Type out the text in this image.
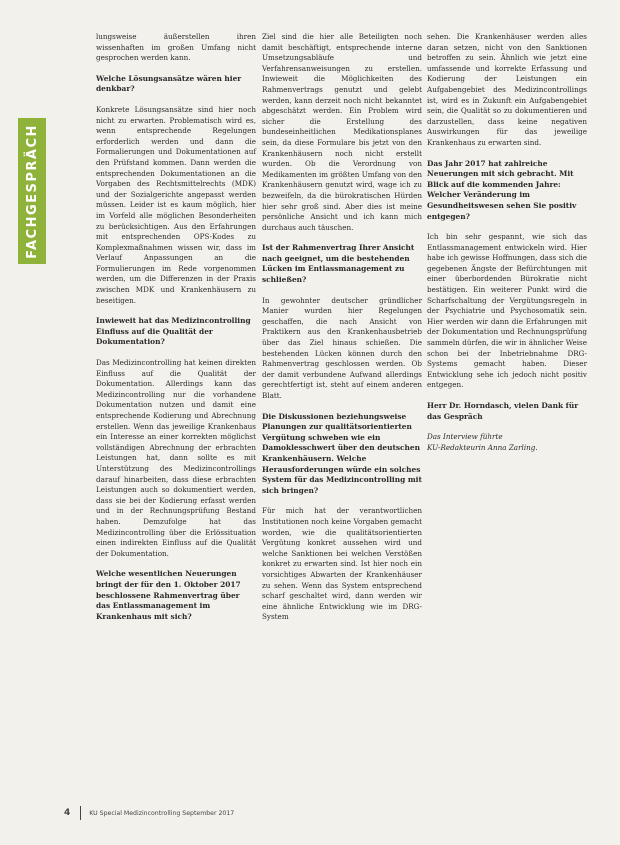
FACHGESPRÄCH

lungsweise äußerstellen ihren wissenhaften im großen Umfang nicht gesprochen werden kann.

Welche Lösungsansätze wären hier denkbar?

Konkrete Lösungsansätze sind hier noch nicht zu erwarten. Problematisch wird es, wenn entsprechende Regelungen erforderlich werden und dann die Formalierungen und Dokumentationen auf den Prüfstand kommen. Dann werden die entsprechenden Dokumentationen an die Vorgaben des Rechtsmittelrechts (MDK) und der Sozialgerichte angepasst werden müssen. Leider ist es kaum möglich, hier im Vorfeld alle möglichen Besonderheiten zu berücksichtigen. Aus den Erfahrungen mit entsprechenden OPS-Kodes zu Komplexmaßnahmen wissen wir, dass im Verlauf Anpassungen an die Formulierungen im Rede vorgenommen werden, um die Differenzen in der Praxis zwischen MDK und Krankenhäusern zu beseitigen.

Inwieweit hat das Medizincontrolling Einfluss auf die Qualität der Dokumentation?

Das Medizincontrolling hat keinen direkten Einfluss auf die Qualität der Dokumentation. Allerdings kann das Medizincontrolling nur die vorhandene Dokumentation nutzen und damit eine entsprechende Kodierung und Abrechnung erstellen. Wenn das jeweilige Krankenhaus ein Interesse an einer korrekten möglichst vollständigen Abrechnung der erbrachten Leistungen hat, dann sollte es mit Unterstützung des Medizincontrollings darauf hinarbeiten, dass diese erbrachten Leistungen auch so dokumentiert werden, dass sie bei der Kodierung erfasst werden und in der Rechnungsprüfung Bestand haben. Demzufolge hat das Medizincontrolling über die Erlössituation einen indirekten Einfluss auf die Qualität der Dokumentation.

Welche wesentlichen Neuerungen bringt der für den 1. Oktober 2017 beschlossene Rahmenvertrag über das Entlassmanagement im Krankenhaus mit sich?

Ziel sind die hier alle Beteiligten noch damit beschäftigt, entsprechende interne Umsetzungsabläufe und Verfahrensanweisungen zu erstellen. Inwieweit die Möglichkeiten des Rahmenvertrags genutzt und gelebt werden, kann derzeit noch nicht bekanntet abgeschätzt werden. Ein Problem wird sicher die Erstellung des bundeseinheitlichen Medikationsplanes sein, da diese Formulare bis jetzt von den Krankenhäusern noch nicht erstellt wurden. Ob die Verordnung von Medikamenten im größten Umfang von den Krankenhäusern genutzt wird, wage ich zu bezweifeln, da die bürokratischen Hürden hier sehr groß sind. Aber dies ist meine persönliche Ansicht und ich kann mich durchaus auch täuschen.

Ist der Rahmenvertrag Ihrer Ansicht nach geeignet, um die bestehenden Lücken im Entlassmanagement zu schließen?

In gewohnter deutscher gründlicher Manier wurden hier Regelungen geschaffen, die nach Ansicht von Praktikern aus den Krankenhausbetrieb über das Ziel hinaus schießen. Die bestehenden Lücken können durch den Rahmenvertrag geschlossen werden. Ob der damit verbundene Aufwand allerdings gerechtfertigt ist, steht auf einem anderen Blatt.

Die Diskussionen beziehungsweise Planungen zur qualitätsorientierten Vergütung schweben wie ein Damoklesschwert über den deutschen Krankenhäusern. Welche Herausforderungen würde ein solches System für das Medizincontrolling mit sich bringen?

Für mich hat der verantwortlichen Institutionen noch keine Vorgaben gemacht worden, wie die qualitätsorientierten Vergütung konkret aussehen wird und welche Sanktionen bei welchen Verstößen konkret zu erwarten sind. Ist hier noch ein vorsichtiges Abwarten der Krankenhäuser zu sehen. Wenn das System entsprechend scharf geschaltet wird, dann werden wir eine ähnliche Entwicklung wie im DRG-System

sehen. Die Krankenhäuser werden alles daran setzen, nicht von den Sanktionen betroffen zu sein. Ähnlich wie jetzt eine umfassende und korrekte Erfassung und Kodierung der Leistungen ein Aufgabengebiet des Medizincontrollings ist, wird es in Zukunft ein Aufgabengebiet sein, die Qualität so zu dokumentieren und darzustellen, dass keine negativen Auswirkungen für das jeweilige Krankenhaus zu erwarten sind.

Das Jahr 2017 hat zahlreiche Neuerungen mit sich gebracht. Mit Blick auf die kommenden Jahre: Welcher Veränderung im Gesundheitswesen sehen Sie positiv entgegen?

Ich bin sehr gespannt, wie sich das Entlassmanagement entwickeln wird. Hier habe ich gewisse Hoffnungen, dass sich die gegebenen Ängste der Befürchtungen mit einer überbordenden Bürokratie nicht bestätigen. Ein weiterer Punkt wird die Scharfschaltung der Vergütungsregeln in der Psychiatrie und Psychosomatik sein. Hier werden wir dann die Erfahrungen mit der Dokumentation und Rechnungsprüfung sammeln dürfen, die wir in ähnlicher Weise schon bei der Inbetriebnahme DRG-Systems gemacht haben. Dieser Entwicklung sehe ich jedoch nicht positiv entgegen.

Herr Dr. Horndasch, vielen Dank für das Gespräch

Das Interview führte

KU-Redakteurin Anna Zarling.

4	KU Special Medizincontrolling September 2017
